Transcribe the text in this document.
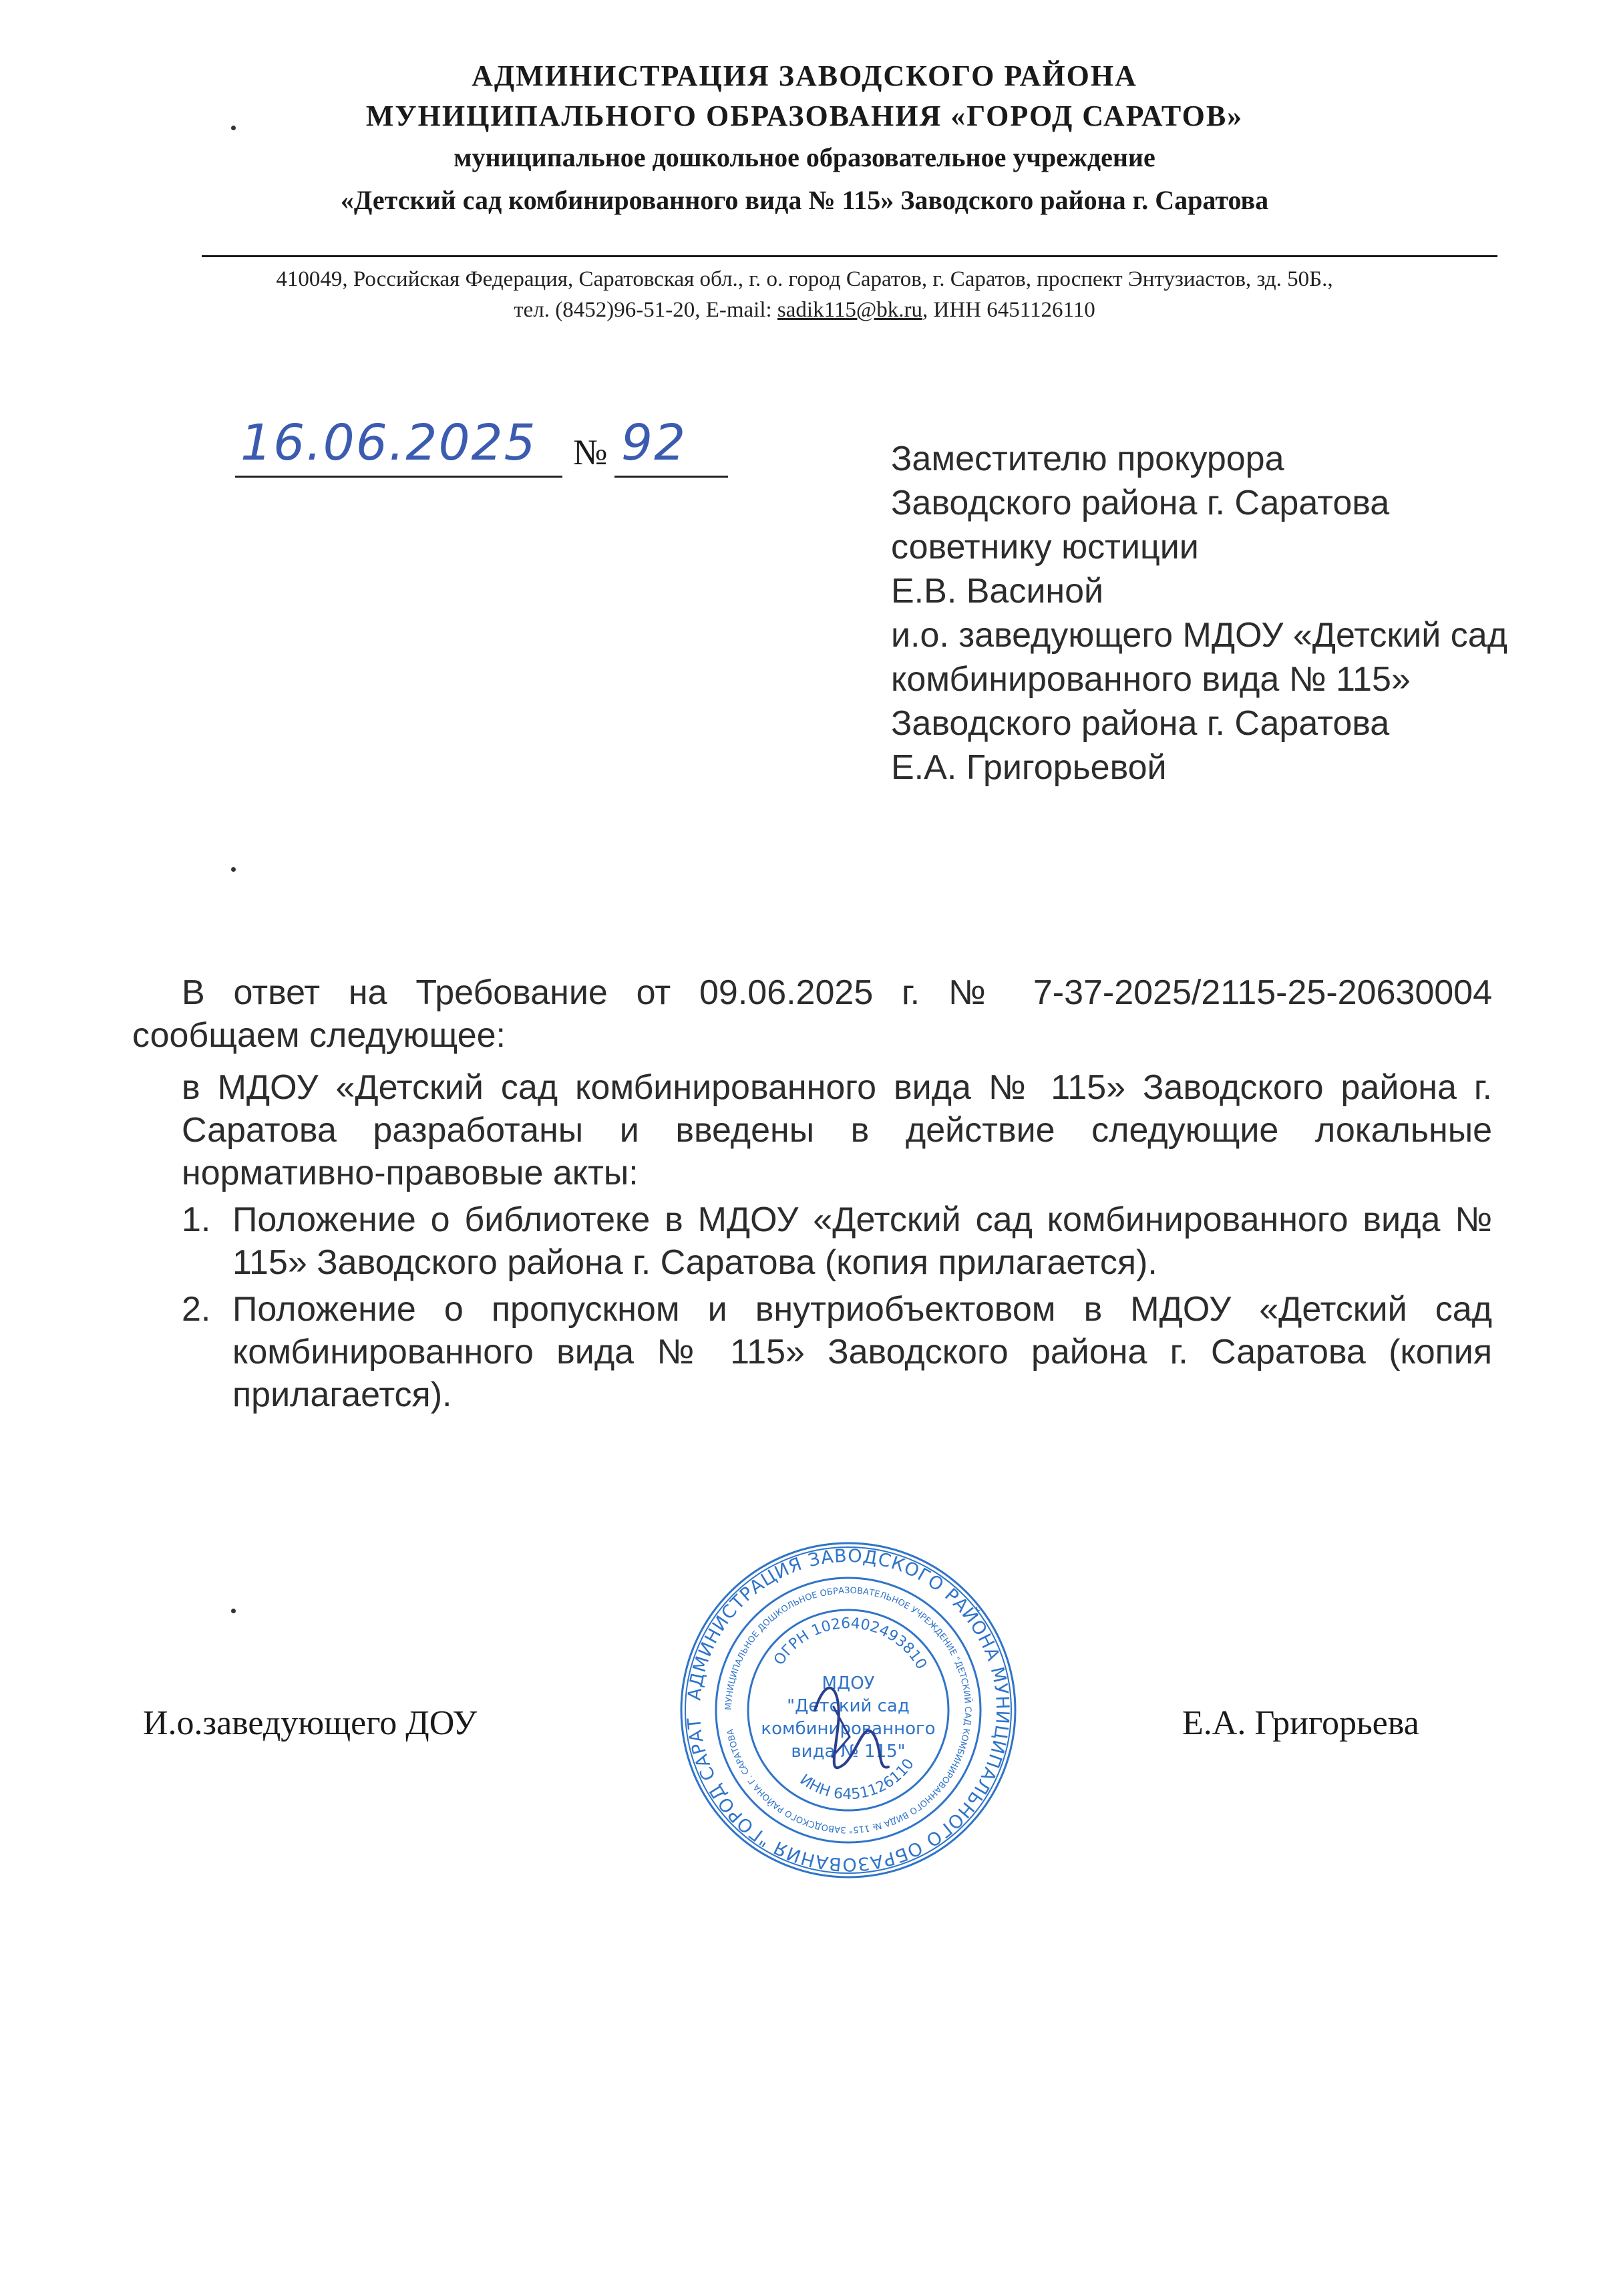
АДМИНИСТРАЦИЯ ЗАВОДСКОГО РАЙОНА
МУНИЦИПАЛЬНОГО ОБРАЗОВАНИЯ «ГОРОД САРАТОВ»
муниципальное дошкольное образовательное учреждение
«Детский сад комбинированного вида № 115» Заводского района г. Саратова
410049, Российская Федерация, Саратовская обл., г. о. город Саратов, г. Саратов, проспект Энтузиастов, зд. 50Б.,
тел. (8452)96-51-20, E-mail: sadik115@bk.ru, ИНН 6451126110
16.06.2025 № 92	Заместителю прокурора
Заводского района г. Саратова
советнику юстиции
Е.В. Васиной
и.о. заведующего МДОУ «Детский сад
комбинированного вида № 115»
Заводского района г. Саратова
Е.А. Григорьевой
В ответ на Требование от 09.06.2025 г. № 7-37-2025/2115-25-20630004
сообщаем следующее:
в МДОУ «Детский сад комбинированного вида № 115» Заводского района г.
Саратова разработаны и введены в действие следующие локальные
нормативно-правовые акты:
1. Положение о библиотеке в МДОУ «Детский сад комбинированного вида №
115» Заводского района г. Саратова (копия прилагается).
2. Положение о пропускном и внутриобъектовом в МДОУ «Детский сад
комбинированного вида № 115» Заводского района г. Саратова (копия
прилагается).
И.о.заведующего ДОУ	Е.А. Григорьева
АДМИНИСТРАЦИЯ ЗАВОДСКОГО РАЙОНА МУНИЦИПАЛЬНОГО ОБРАЗОВАНИЯ "ГОРОД САРАТ
МУНИЦИПАЛЬНОЕ ДОШКОЛЬНОЕ ОБРАЗОВАТЕЛЬНОЕ УЧРЕЖДЕНИЕ "ДЕТСКИЙ САД КОМБИНИРОВАННОГО ВИДА № 115" ЗАВОДСКОГО РАЙОНА Г. САРАТОВА
ОГРН 1026402493810
ИНН 6451126110
МДОУ
"Детский сад
комбинированного
вида № 115"
